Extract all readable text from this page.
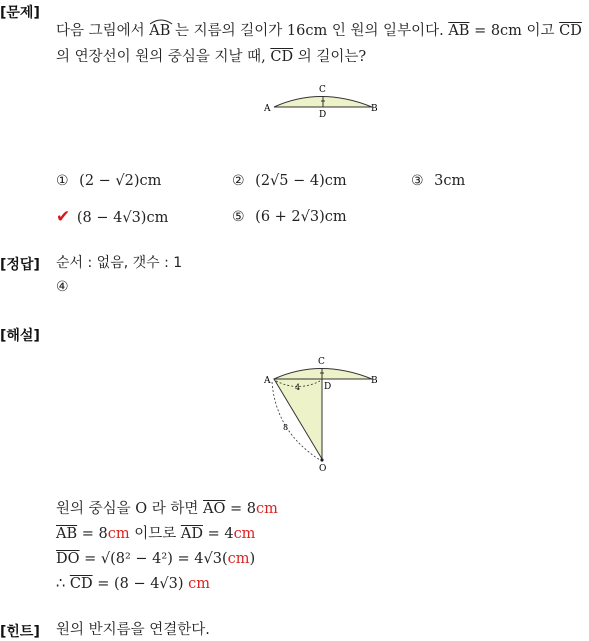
[문제]
다음 그림에서 AB 는 지름의 길이가 16cm 인 원의 일부이다. $\overline{AB} = 8cm$ 이고 $\overline{CD}$
의 연장선이 원의 중심을 지날 때, $\overline{CD}$ 의 길이는?
A	B
C
D
① (2 − √2)cm	② (2√5 − 4)cm	③ 3cm
✔ (8 − 4√3)cm	⑤ (6 + 2√3)cm
[정답] 순서 : 없음, 갯수 : 1
④
[해설]
A	B
C
D
O
4
8
원의 중심을 O 라 하면 $\overline{AO} = 8cm$
$\overline{AB} = 8cm$ 이므로 $\overline{AD} = 4cm$
$\overline{DO} = √(8^2 - 4^2) = 4√3(cm)$
∴ $\overline{CD} = (8 - 4√3)$ cm
[힌트] 원의 반지름을 연결한다.
